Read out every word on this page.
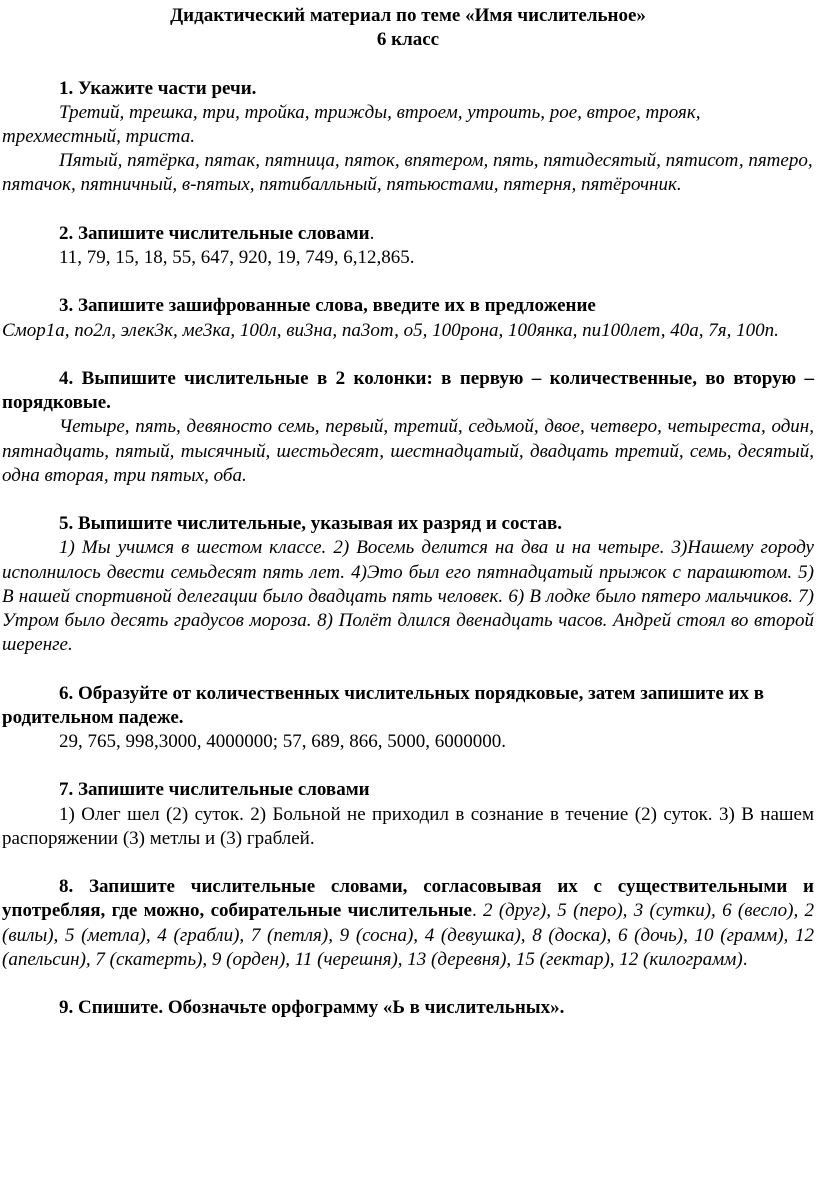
Дидактический материал по теме «Имя числительное»

6 класс

1. Укажите части речи.

Третий, трешка, три, тройка, трижды, втроем, утроить, рое, втрое, трояк, трехместный, триста.

Пятый, пятёрка, пятак, пятница, пяток, впятером, пять, пятидесятый, пятисот, пятеро, пятачок, пятничный, в-пятых, пятибалльный, пятьюстами, пятерня, пятёрочник.

2. Запишите числительные словами.

11, 79, 15, 18, 55, 647, 920, 19, 749, 6,12,865.

3. Запишите зашифрованные слова, введите их в предложение

Смор1а, по2л, элек3к, ме3ка, 100л, ви3на, па3от, о5, 100рона, 100янка, пи100лет, 40а, 7я, 100п.

4. Выпишите числительные в 2 колонки: в первую – количественные, во вторую – порядковые.

Четыре, пять, девяносто семь, первый, третий, седьмой, двое, четверо, четыреста, один, пятнадцать, пятый, тысячный, шестьдесят, шестнадцатый, двадцать третий, семь, десятый, одна вторая, три пятых, оба.

5. Выпишите числительные, указывая их разряд и состав.

1) Мы учимся в шестом классе. 2) Восемь делится на два и на четыре. 3)Нашему городу исполнилось двести семьдесят пять лет. 4)Это был его пятнадцатый прыжок с парашютом. 5) В нашей спортивной делегации было двадцать пять человек. 6) В лодке было пятеро мальчиков. 7) Утром было десять градусов мороза. 8) Полёт длился двенадцать часов. Андрей стоял во второй шеренге.

6. Образуйте от количественных числительных порядковые, затем запишите их в родительном падеже.

29, 765, 998,3000, 4000000; 57, 689, 866, 5000, 6000000.

7. Запишите числительные словами

1) Олег шел (2) суток. 2) Больной не приходил в сознание в течение (2) суток. 3) В нашем распоряжении (3) метлы и (3) граблей.

8. Запишите числительные словами, согласовывая их с существительными и употребляя, где можно, собирательные числительные. 2 (друг), 5 (перо), 3 (сутки), 6 (весло), 2 (вилы), 5 (метла), 4 (грабли), 7 (петля), 9 (сосна), 4 (девушка), 8 (доска), 6 (дочь), 10 (грамм), 12 (апельсин), 7 (скатерть), 9 (орден), 11 (черешня), 13 (деревня), 15 (гектар), 12 (килограмм).

9. Спишите. Обозначьте орфограмму «Ь в числительных».
